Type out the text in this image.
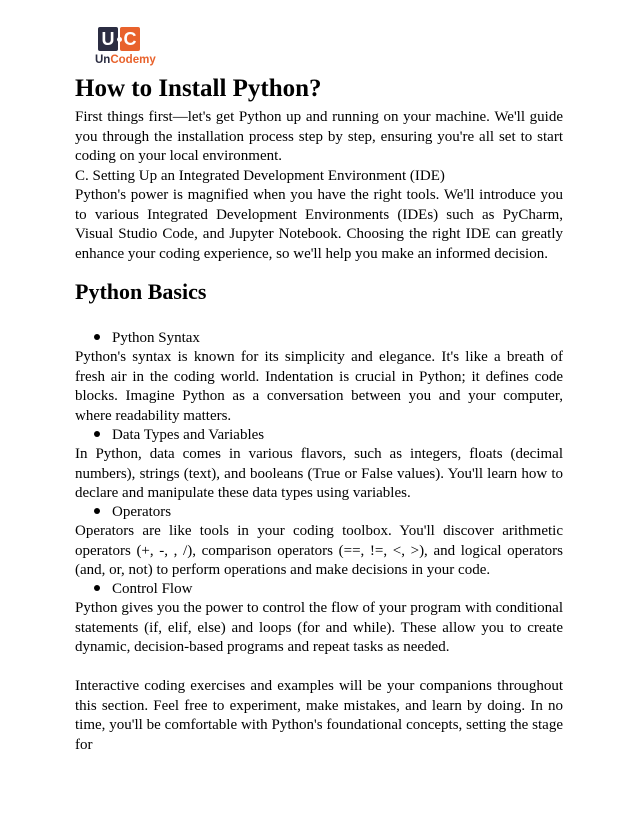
U C
UnCodemy
How to Install Python?

First things first—let's get Python up and running on your machine. We'll guide you through the installation process step by step, ensuring you're all set to start coding on your local environment.

C. Setting Up an Integrated Development Environment (IDE)

Python's power is magnified when you have the right tools. We'll introduce you to various Integrated Development Environments (IDEs) such as PyCharm, Visual Studio Code, and Jupyter Notebook. Choosing the right IDE can greatly enhance your coding experience, so we'll help you make an informed decision.

Python Basics

Python Syntax

Python's syntax is known for its simplicity and elegance. It's like a breath of fresh air in the coding world. Indentation is crucial in Python; it defines code blocks. Imagine Python as a conversation between you and your computer, where readability matters.

Data Types and Variables

In Python, data comes in various flavors, such as integers, floats (decimal numbers), strings (text), and booleans (True or False values). You'll learn how to declare and manipulate these data types using variables.

Operators

Operators are like tools in your coding toolbox. You'll discover arithmetic operators (+, -, , /), comparison operators (==, !=, <, >), and logical operators (and, or, not) to perform operations and make decisions in your code.

Control Flow

Python gives you the power to control the flow of your program with conditional statements (if, elif, else) and loops (for and while). These allow you to create dynamic, decision-based programs and repeat tasks as needed.

Interactive coding exercises and examples will be your companions throughout this section. Feel free to experiment, make mistakes, and learn by doing. In no time, you'll be comfortable with Python's foundational concepts, setting the stage for
